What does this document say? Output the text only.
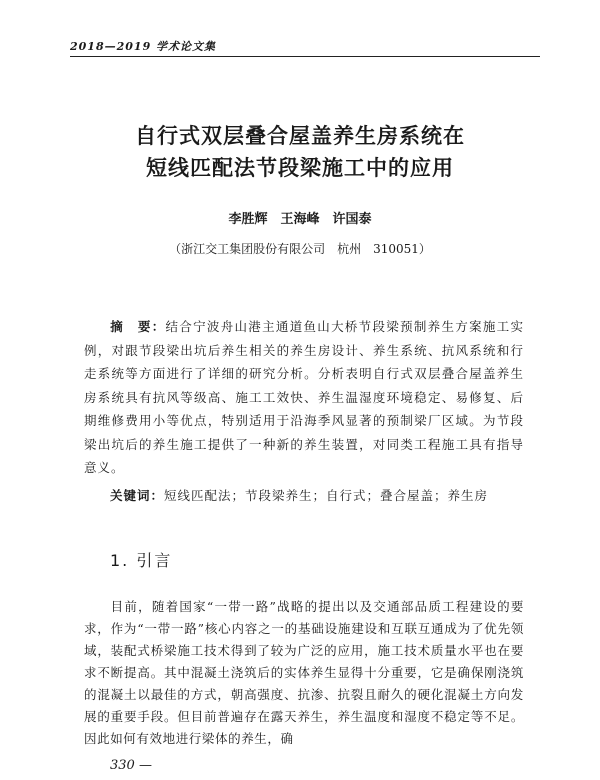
2018—2019 学术论文集
自行式双层叠合屋盖养生房系统在
短线匹配法节段梁施工中的应用
李胜辉　王海峰　许国泰
（浙江交工集团股份有限公司　杭州　310051）
摘　要：结合宁波舟山港主通道鱼山大桥节段梁预制养生方案施工实例，对跟节段梁出坑后养生相关的养生房设计、养生系统、抗风系统和行走系统等方面进行了详细的研究分析。分析表明自行式双层叠合屋盖养生房系统具有抗风等级高、施工工效快、养生温湿度环境稳定、易修复、后期维修费用小等优点，特别适用于沿海季风显著的预制梁厂区域。为节段梁出坑后的养生施工提供了一种新的养生装置，对同类工程施工具有指导意义。
关键词：短线匹配法；节段梁养生；自行式；叠合屋盖；养生房
1. 引言
目前，随着国家“一带一路”战略的提出以及交通部品质工程建设的要求，作为“一带一路”核心内容之一的基础设施建设和互联互通成为了优先领域，装配式桥梁施工技术得到了较为广泛的应用，施工技术质量水平也在要求不断提高。其中混凝土浇筑后的实体养生显得十分重要，它是确保刚浇筑的混凝土以最佳的方式，朝高强度、抗渗、抗裂且耐久的硬化混凝土方向发展的重要手段。但目前普遍存在露天养生，养生温度和湿度不稳定等不足。因此如何有效地进行梁体的养生，确
330 —
